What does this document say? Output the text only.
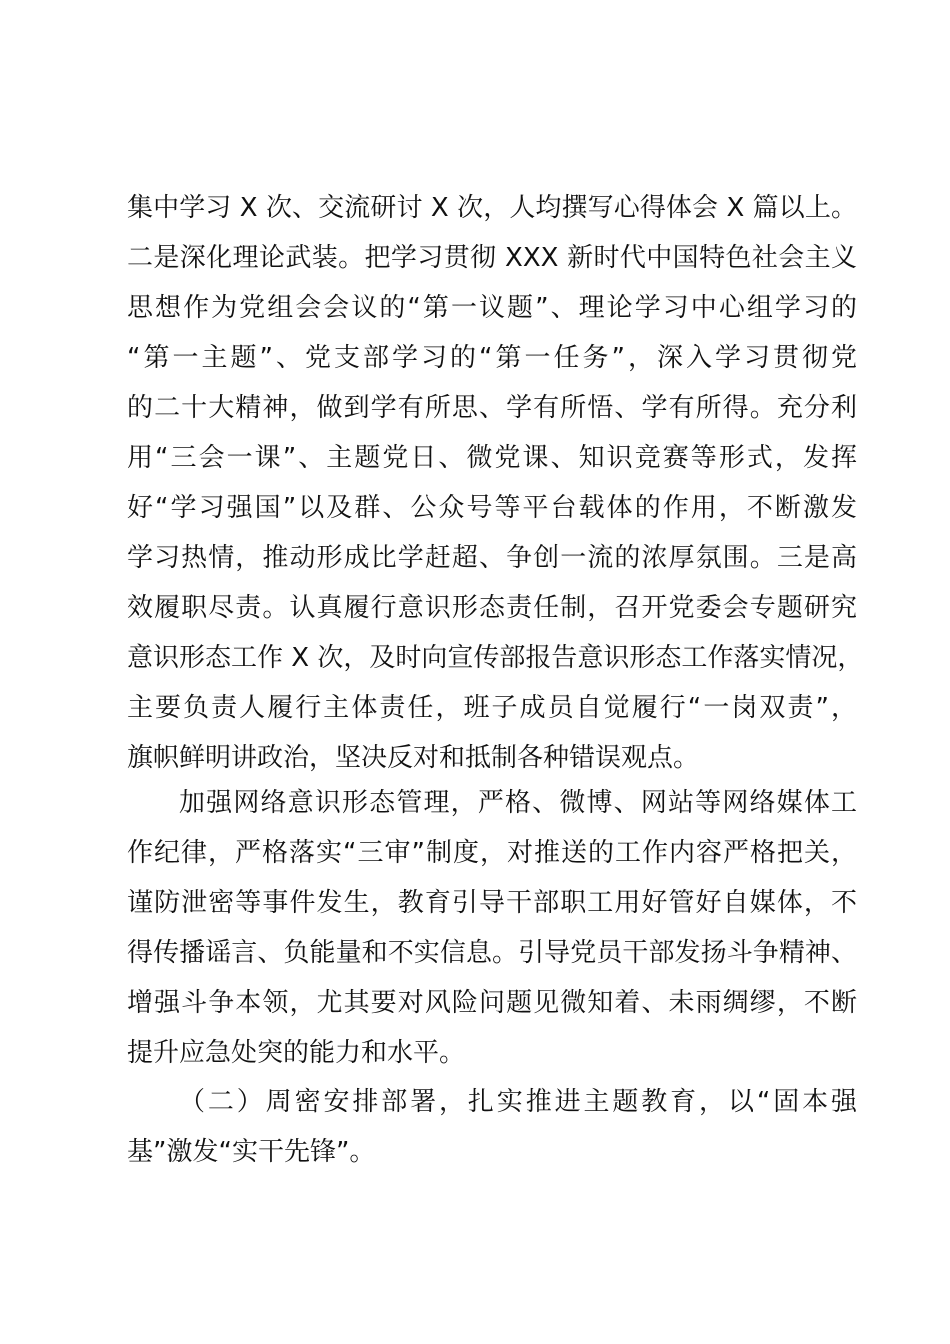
集中学习 X 次、交流研讨 X 次，人均撰写心得体会 X 篇以上。
二是深化理论武装。把学习贯彻 XXX 新时代中国特色社会主义
思想作为党组会会议的“第一议题”、理论学习中心组学习的
“第一主题”、党支部学习的“第一任务”，深入学习贯彻党
的二十大精神，做到学有所思、学有所悟、学有所得。充分利
用“三会一课”、主题党日、微党课、知识竞赛等形式，发挥
好“学习强国”以及群、公众号等平台载体的作用，不断激发
学习热情，推动形成比学赶超、争创一流的浓厚氛围。三是高
效履职尽责。认真履行意识形态责任制，召开党委会专题研究
意识形态工作 X 次，及时向宣传部报告意识形态工作落实情况，
主要负责人履行主体责任，班子成员自觉履行“一岗双责”，
旗帜鲜明讲政治，坚决反对和抵制各种错误观点。
加强网络意识形态管理，严格、微博、网站等网络媒体工
作纪律，严格落实“三审”制度，对推送的工作内容严格把关，
谨防泄密等事件发生，教育引导干部职工用好管好自媒体，不
得传播谣言、负能量和不实信息。引导党员干部发扬斗争精神、
增强斗争本领，尤其要对风险问题见微知着、未雨绸缪，不断
提升应急处突的能力和水平。
（二）周密安排部署，扎实推进主题教育，以“固本强
基”激发“实干先锋”。
